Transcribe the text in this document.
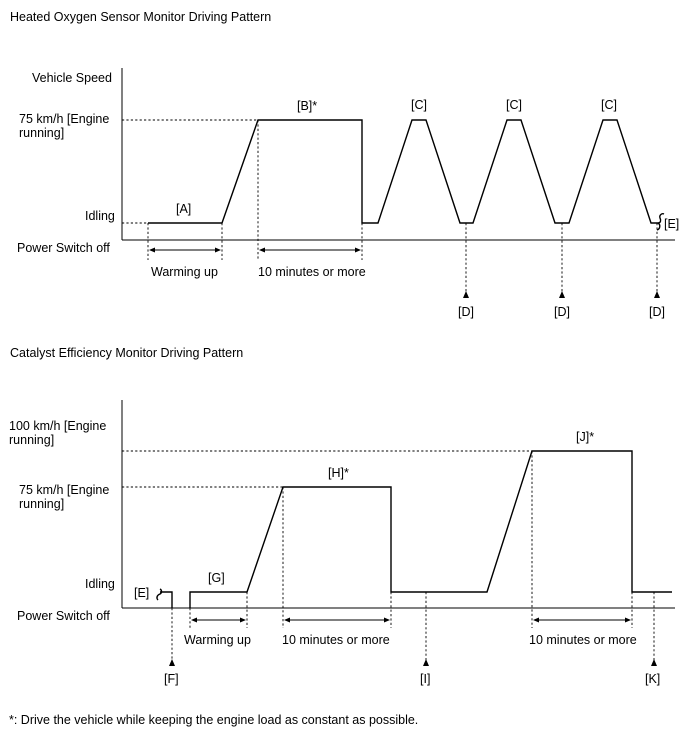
Heated Oxygen Sensor Monitor Driving Pattern
Vehicle Speed
75 km/h [Engine
running]
Idling
Power Switch off
[A]
[B]*	[C]	[C]	[C]
[E]
Warming up	10 minutes or more
[D]	[D]	[D]
Catalyst Efficiency Monitor Driving Pattern
100 km/h [Engine
running]
75 km/h [Engine
running]
Idling
Power Switch off
[E]
[G]
[H]*
[J]*
Warming up 10 minutes or more	10 minutes or more
[F]	[I]	[K]
*: Drive the vehicle while keeping the engine load as constant as possible.
